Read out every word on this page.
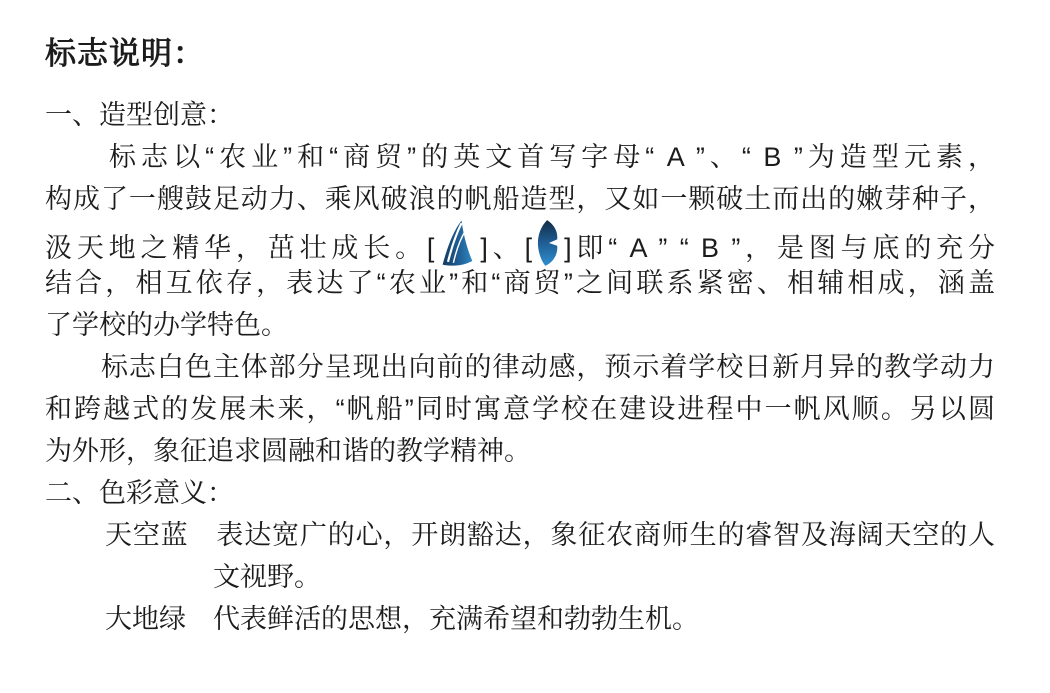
标志说明：
一、造型创意：
　　标志以“农业”和“商贸”的英文首写字母“ A ”、“ B ”为造型元素，
构成了一艘鼓足动力、乘风破浪的帆船造型，又如一颗破土而出的嫩芽种子，
汲天地之精华，茁壮成长。[ ]、[ ]即“ A ” “ B ”，是图与底的充分
结合，相互依存，表达了“农业”和“商贸”之间联系紧密、相辅相成，涵盖
了学校的办学特色。
　　标志白色主体部分呈现出向前的律动感，预示着学校日新月异的教学动力
和跨越式的发展未来，“帆船”同时寓意学校在建设进程中一帆风顺。另以圆
为外形，象征追求圆融和谐的教学精神。
二、色彩意义：
天空蓝 表达宽广的心，开朗豁达，象征农商师生的睿智及海阔天空的人
文视野。
大地绿 代表鲜活的思想，充满希望和勃勃生机。
